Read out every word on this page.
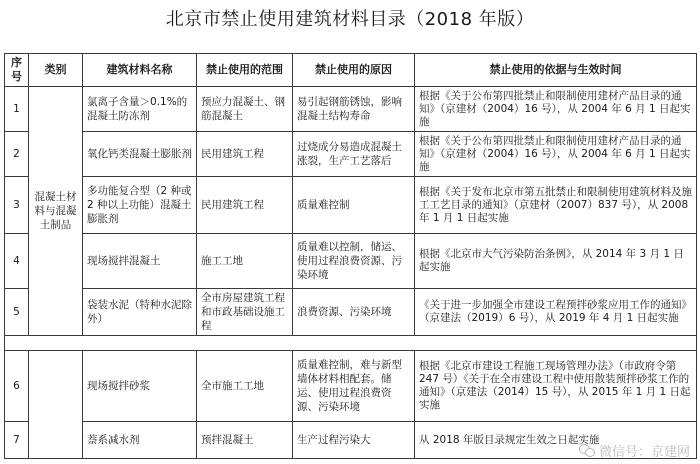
北京市禁止使用建筑材料目录（2018 年版）
序号	类别	建筑材料名称	禁止使用的范围	禁止使用的原因	禁止使用的依据与生效时间
1	混凝土材料与混凝土制品	氯离子含量＞0.1%的混凝土防冻剂	预应力混凝土、钢筋混凝土	易引起钢筋锈蚀，影响混凝土结构寿命	根据《关于公布第四批禁止和限制使用建材产品目录的通知》（京建材（2004）16 号），从 2004 年 6 月 1 日起实施
2		氧化钙类混凝土膨胀剂	民用建筑工程	过烧成分易造成混凝土涨裂，生产工艺落后	根据《关于公布第四批禁止和限制使用建材产品目录的通知》（京建材（2004）16 号），从 2004 年 6 月 1 日起实施
3		多功能复合型（2 种或 2 种以上功能）混凝土膨胀剂	民用建筑工程	质量难控制	根据《关于发布北京市第五批禁止和限制使用建筑材料及施工工艺目录的通知》（京建材（2007）837 号），从 2008 年 1 月 1 日起实施
4		现场搅拌混凝土	施工工地	质量难以控制，储运、使用过程浪费资源、污染环境	根据《北京市大气污染防治条例》，从 2014 年 3 月 1 日起实施
5		袋装水泥（特种水泥除外）	全市房屋建筑工程和市政基础设施工程	浪费资源、污染环境	《关于进一步加强全市建设工程预拌砂浆应用工作的通知》（京建法（2019）6 号），从 2019 年 4 月 1 日起实施

6		现场搅拌砂浆	全市施工工地	质量难控制，难与新型墙体材料相配套。储运、使用过程浪费资源、污染环境	根据《北京市建设工程施工现场管理办法》（市政府令第 247 号）《关于在全市建设工程中使用散装预拌砂浆工作的通知》（京建法（2014）15 号），从 2015 年 1 月 1 日起实施
7		萘系减水剂	预拌混凝土	生产过程污染大	从 2018 年版目录规定生效之日起实施
微信号：京建网
